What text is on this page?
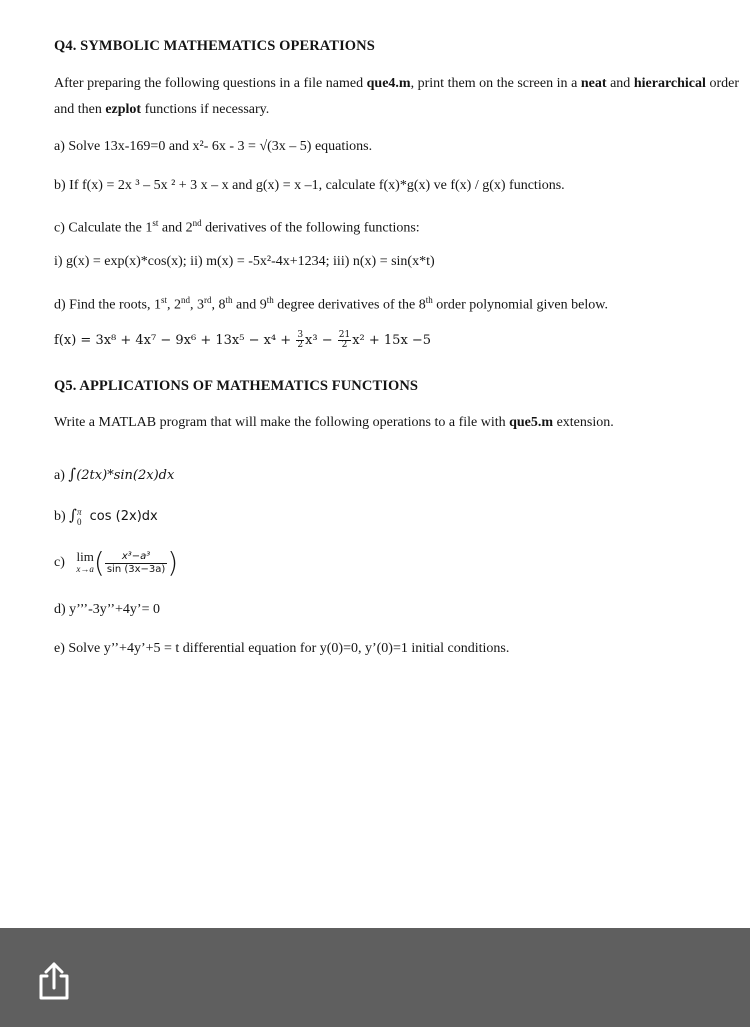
Q4. SYMBOLIC MATHEMATICS OPERATIONS
After preparing the following questions in a file named que4.m, print them on the screen in a neat and hierarchical order and then ezplot functions if necessary.
a) Solve 13x-169=0 and x²- 6x - 3 = √(3x – 5) equations.
b) If f(x) = 2x ³ – 5x ² + 3 x – x and g(x) = x –1, calculate f(x)*g(x) ve f(x) / g(x) functions.
c) Calculate the 1st and 2nd derivatives of the following functions:
i) g(x) = exp(x)*cos(x); ii) m(x) = -5x²-4x+1234; iii) n(x) = sin(x*t)
d) Find the roots, 1st, 2nd, 3rd, 8th and 9th degree derivatives of the 8th order polynomial given below.
$f(x) = 3x^8 + 4x^7 - 9x^6 + 13x^5 - x^4 + \frac{3}{2} x^3 - \frac{21}{2} x^2 + 15x -5$
Q5. APPLICATIONS OF MATHEMATICS FUNCTIONS
Write a MATLAB program that will make the following operations to a file with que5.m extension.
a) ∫(2tx)*sin(2x)dx
b) ∫ π
0 cos (2x)dx
c) lim
x→a ( $\frac{\text{x³−a³}}{\sin (3x-3a)}$ )
d) y’’’-3y’’+4y’= 0
e) Solve y’’+4y’+5 = t differential equation for y(0)=0, y’(0)=1 initial conditions.
